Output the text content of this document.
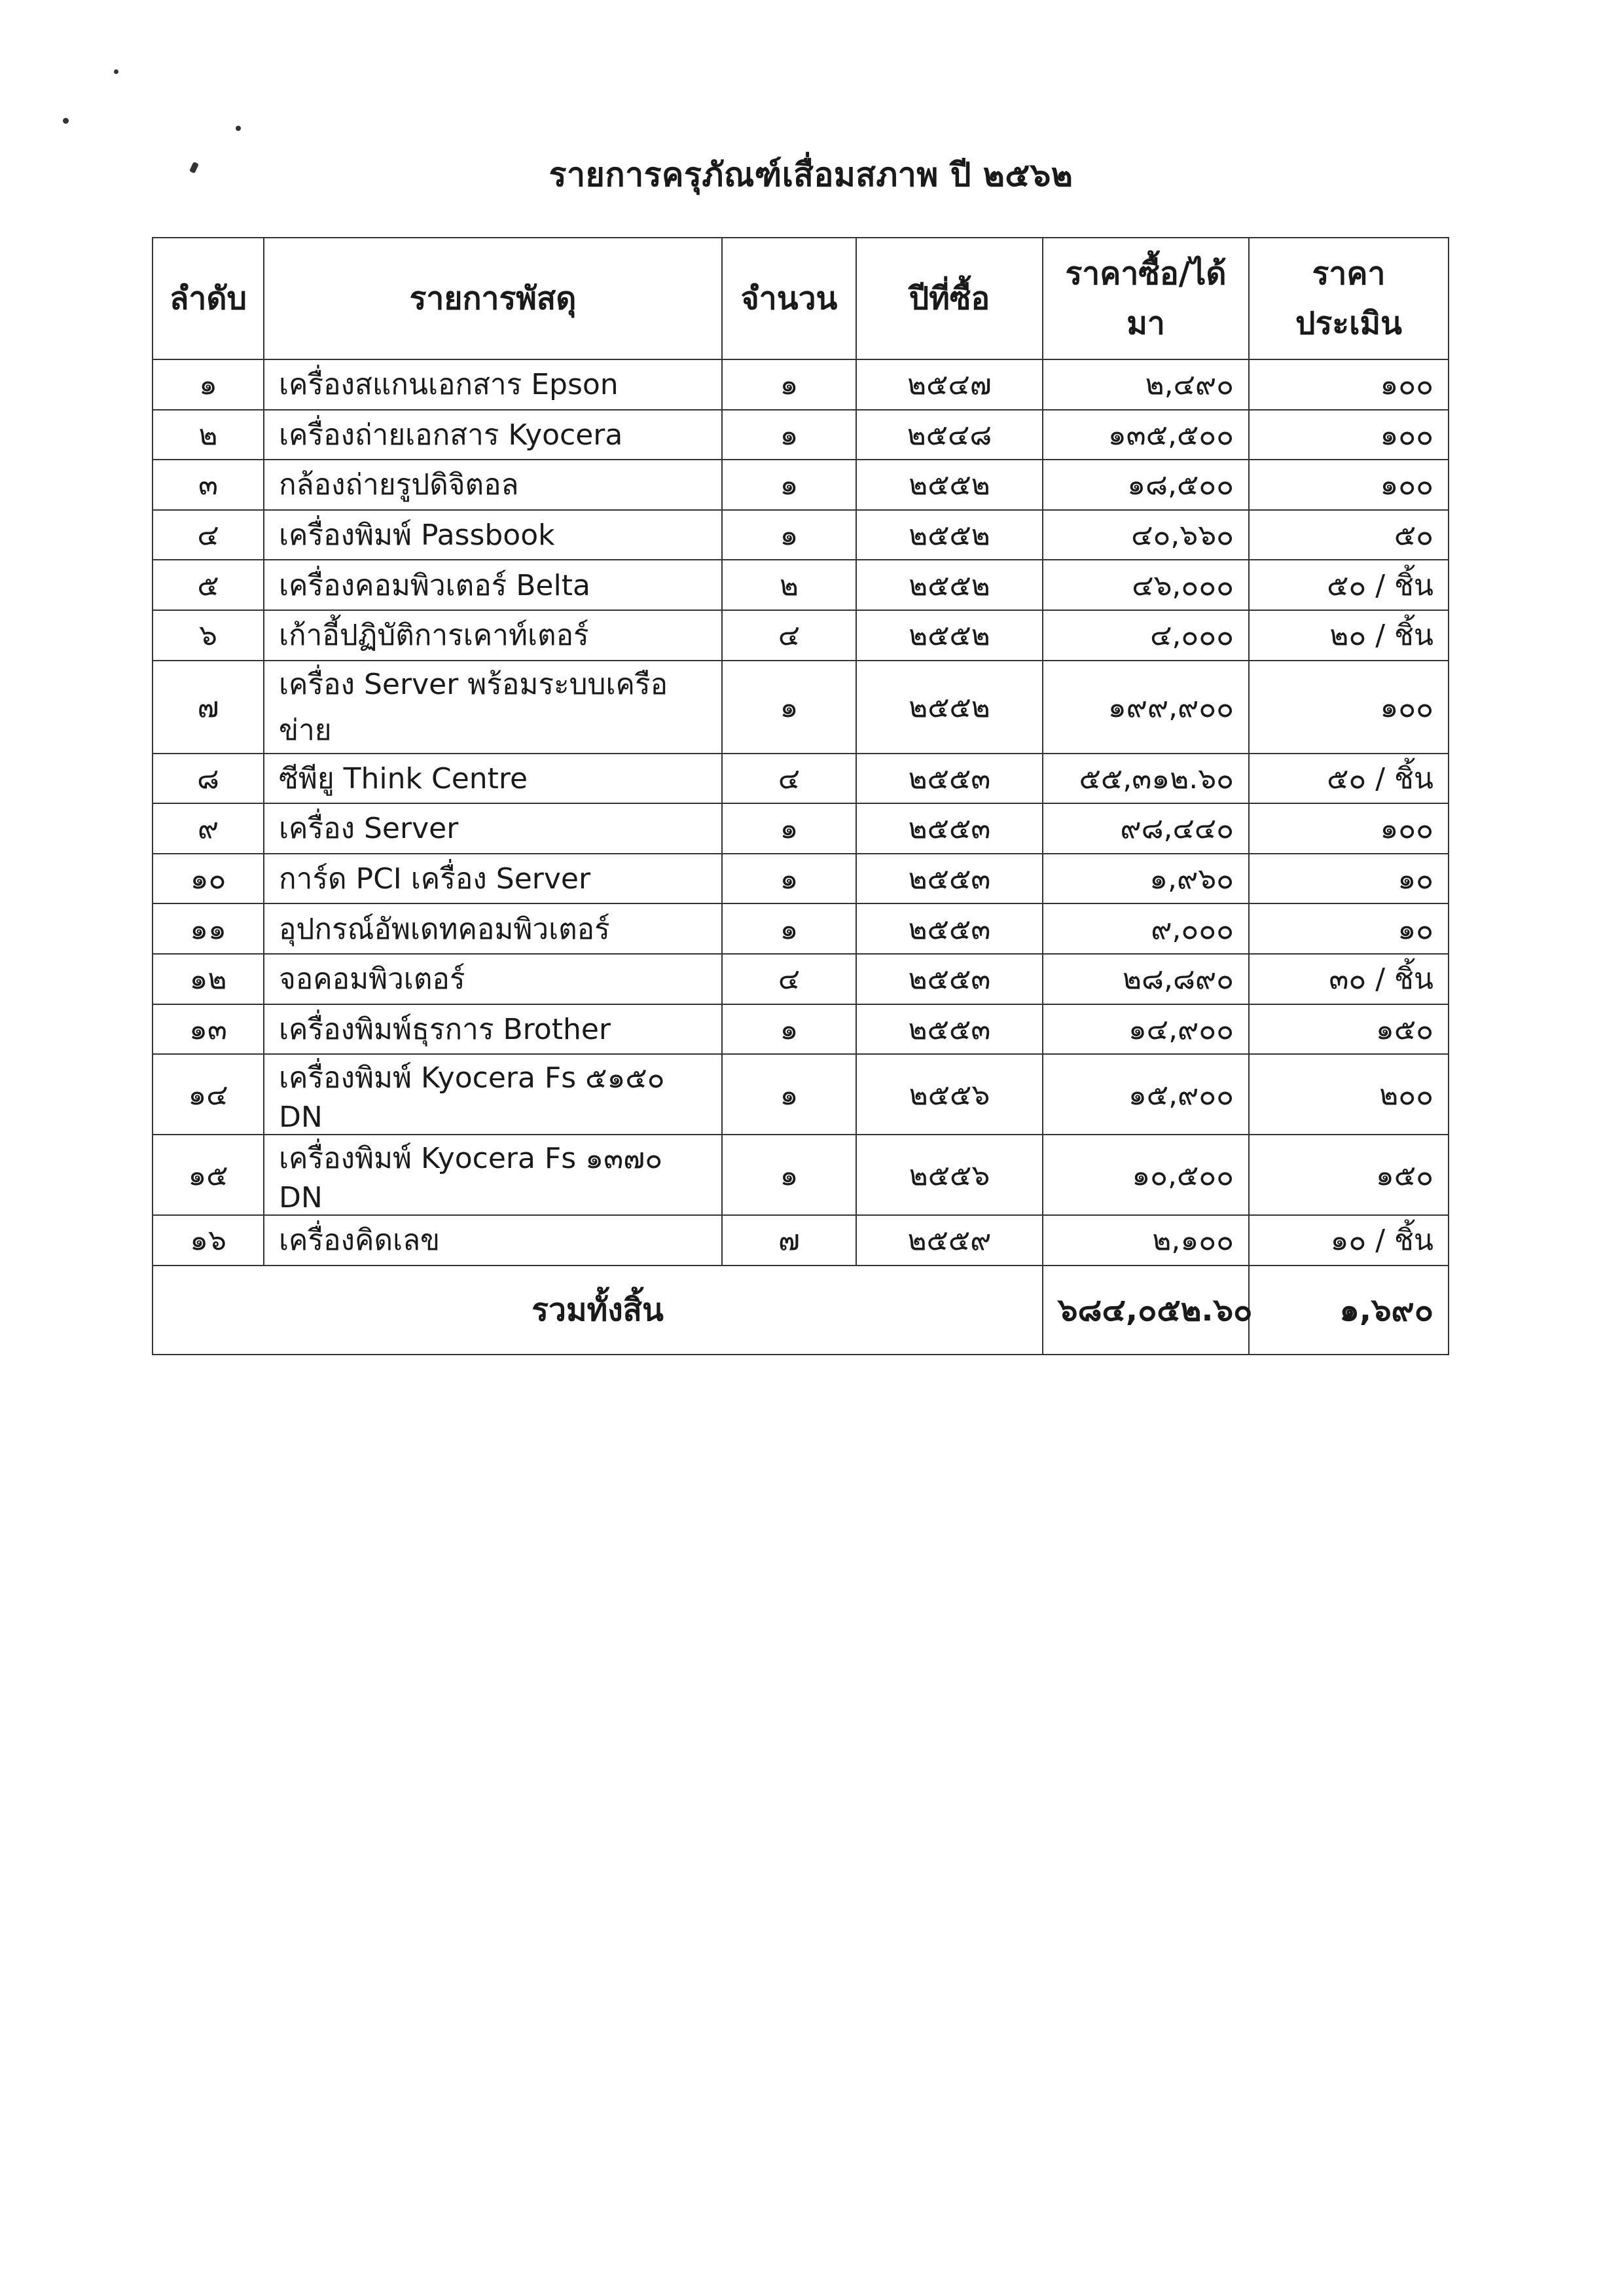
รายการครุภัณฑ์เสื่อมสภาพ ปี ๒๕๖๒
ลำดับ	รายการพัสดุ	จำนวน	ปีที่ซื้อ	ราคาซื้อ/ได้มา	ราคาประเมิน
๑	เครื่องสแกนเอกสาร Epson	๑	๒๕๔๗	๒,๔๙๐	๑๐๐
๒	เครื่องถ่ายเอกสาร Kyocera	๑	๒๕๔๘	๑๓๕,๕๐๐	๑๐๐
๓	กล้องถ่ายรูปดิจิตอล	๑	๒๕๕๒	๑๘,๕๐๐	๑๐๐
๔	เครื่องพิมพ์ Passbook	๑	๒๕๕๒	๔๐,๖๖๐	๕๐
๕	เครื่องคอมพิวเตอร์ Belta	๒	๒๕๕๒	๔๖,๐๐๐	๕๐ / ชิ้น
๖	เก้าอี้ปฏิบัติการเคาท์เตอร์	๔	๒๕๕๒	๔,๐๐๐	๒๐ / ชิ้น
๗	เครื่อง Server พร้อมระบบเครือข่าย	๑	๒๕๕๒	๑๙๙,๙๐๐	๑๐๐
๘	ซีพียู Think Centre	๔	๒๕๕๓	๕๕,๓๑๒.๖๐	๕๐ / ชิ้น
๙	เครื่อง Server	๑	๒๕๕๓	๙๘,๔๔๐	๑๐๐
๑๐	การ์ด PCI เครื่อง Server	๑	๒๕๕๓	๑,๙๖๐	๑๐
๑๑	อุปกรณ์อัพเดทคอมพิวเตอร์	๑	๒๕๕๓	๙,๐๐๐	๑๐
๑๒	จอคอมพิวเตอร์	๔	๒๕๕๓	๒๘,๘๙๐	๓๐ / ชิ้น
๑๓	เครื่องพิมพ์ธุรการ Brother	๑	๒๕๕๓	๑๔,๙๐๐	๑๕๐
๑๔	เครื่องพิมพ์ Kyocera Fs ๕๑๕๐ DN	๑	๒๕๕๖	๑๕,๙๐๐	๒๐๐
๑๕	เครื่องพิมพ์ Kyocera Fs ๑๓๗๐ DN	๑	๒๕๕๖	๑๐,๕๐๐	๑๕๐
๑๖	เครื่องคิดเลข	๗	๒๕๕๙	๒,๑๐๐	๑๐ / ชิ้น
รวมทั้งสิ้น				๖๘๔,๐๕๒.๖๐	๑,๖๙๐
